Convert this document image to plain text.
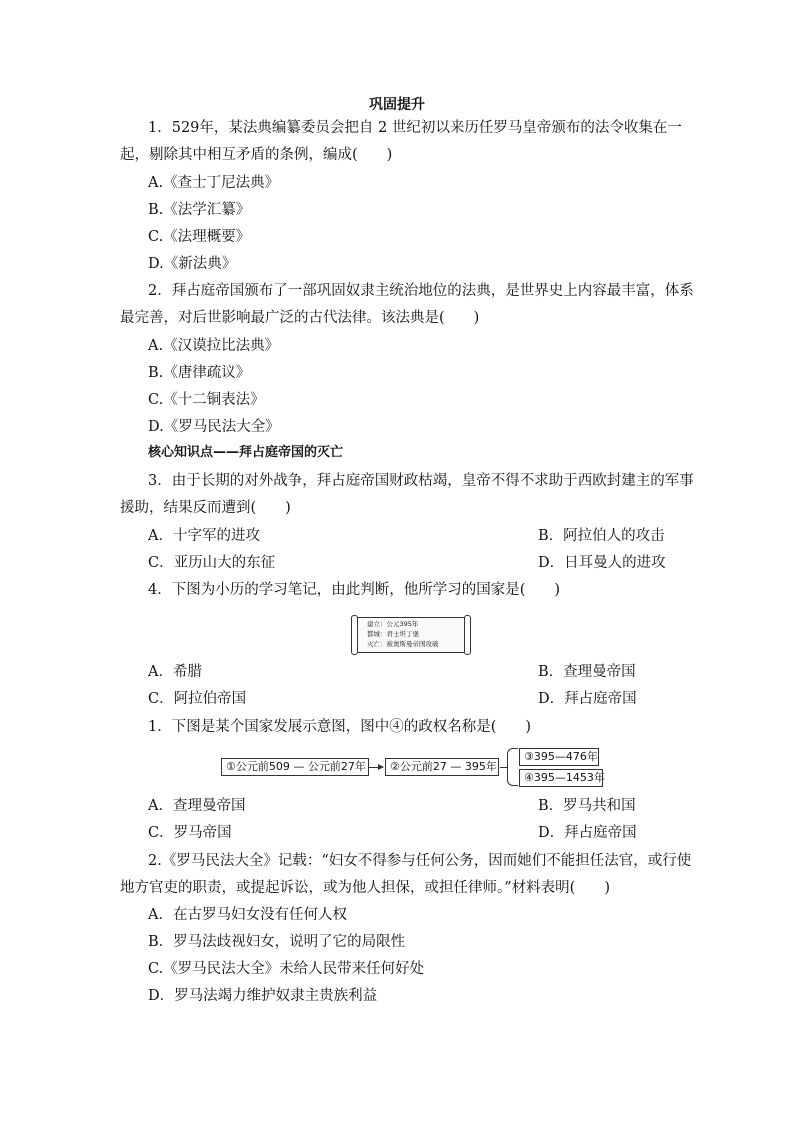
巩固提升
1．529年，某法典编纂委员会把自 2 世纪初以来历任罗马皇帝颁布的法令收集在一
起，剔除其中相互矛盾的条例，编成(　　)
A.《查士丁尼法典》
B.《法学汇纂》
C.《法理概要》
D.《新法典》
2．拜占庭帝国颁布了一部巩固奴隶主统治地位的法典，是世界史上内容最丰富，体系
最完善，对后世影响最广泛的古代法律。该法典是(　　)
A.《汉谟拉比法典》
B.《唐律疏议》
C.《十二铜表法》
D.《罗马民法大全》
核心知识点——拜占庭帝国的灭亡
3．由于长期的对外战争，拜占庭帝国财政枯竭，皇帝不得不求助于西欧封建主的军事
援助，结果反而遭到(　　)
A．十字军的进攻	B．阿拉伯人的攻击
C．亚历山大的东征	D．日耳曼人的进攻
4．下图为小历的学习笔记，由此判断，他所学习的国家是(　　)
建立：公元395年
都城：君士坦丁堡
灭亡：被奥斯曼帝国攻破
A．希腊	B．查理曼帝国
C．阿拉伯帝国	D．拜占庭帝国
1．下图是某个国家发展示意图，图中④的政权名称是(　　)
①公元前509 — 公元前27年	②公元前27 — 395年
③395—476年
④395—1453年
A．查理曼帝国	B．罗马共和国
C．罗马帝国	D．拜占庭帝国
2.《罗马民法大全》记载：“妇女不得参与任何公务，因而她们不能担任法官，或行使
地方官吏的职责，或提起诉讼，或为他人担保，或担任律师。”材料表明(　　)
A．在古罗马妇女没有任何人权
B．罗马法歧视妇女，说明了它的局限性
C.《罗马民法大全》未给人民带来任何好处
D．罗马法竭力维护奴隶主贵族利益
